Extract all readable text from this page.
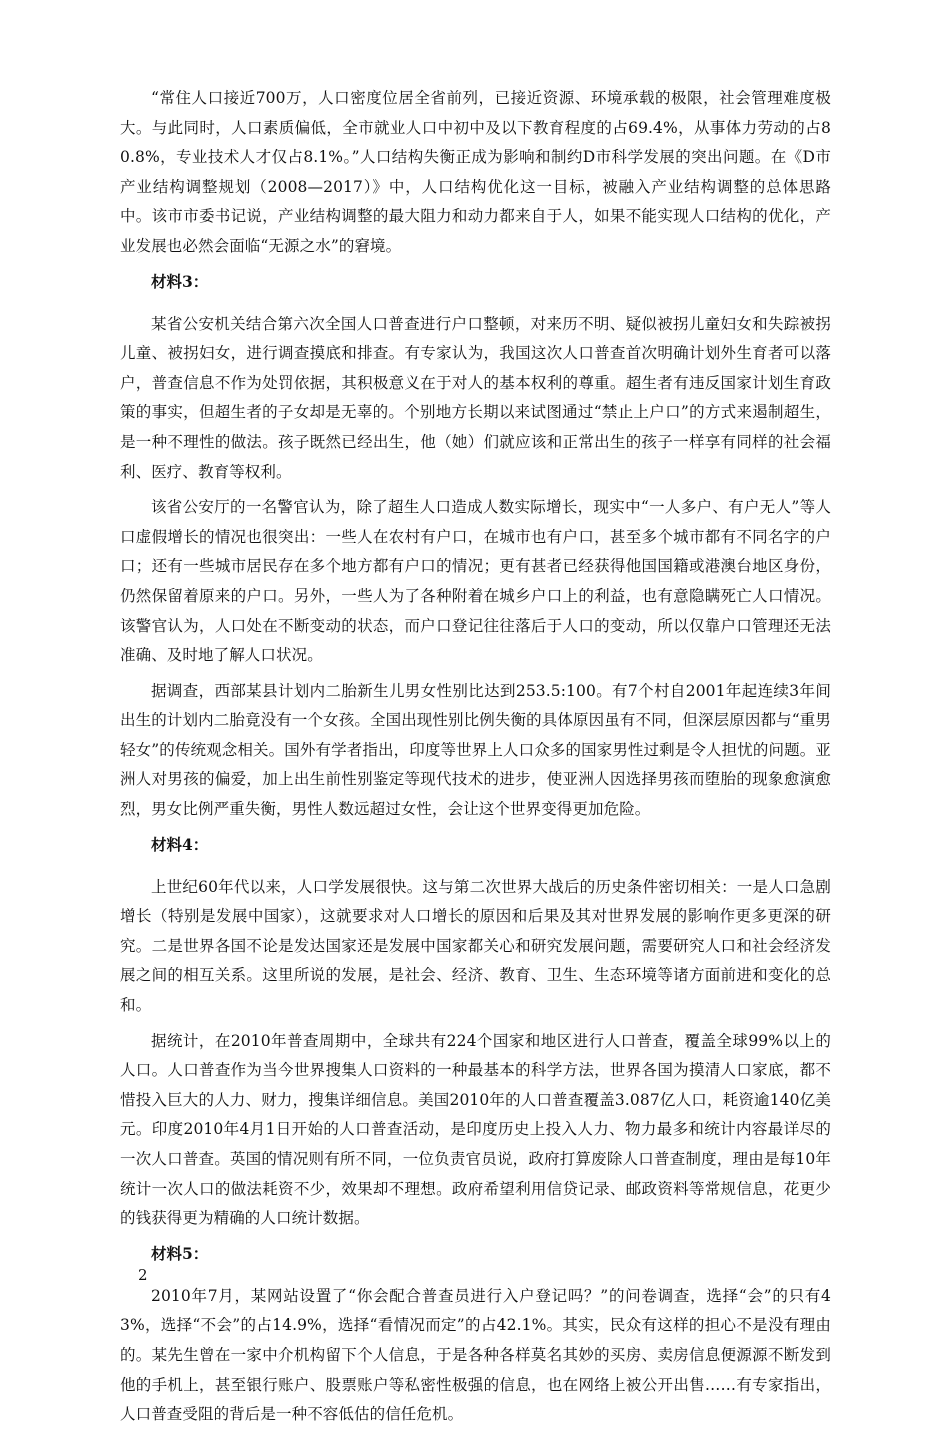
“常住人口接近700万，人口密度位居全省前列，已接近资源、环境承载的极限，社会管理难度极大。与此同时，人口素质偏低，全市就业人口中初中及以下教育程度的占69.4%，从事体力劳动的占80.8%，专业技术人才仅占8.1%。”人口结构失衡正成为影响和制约D市科学发展的突出问题。在《D市产业结构调整规划（2008—2017）》中，人口结构优化这一目标，被融入产业结构调整的总体思路中。该市市委书记说，产业结构调整的最大阻力和动力都来自于人，如果不能实现人口结构的优化，产业发展也必然会面临“无源之水”的窘境。

材料3：

某省公安机关结合第六次全国人口普查进行户口整顿，对来历不明、疑似被拐儿童妇女和失踪被拐儿童、被拐妇女，进行调查摸底和排查。有专家认为，我国这次人口普查首次明确计划外生育者可以落户，普查信息不作为处罚依据，其积极意义在于对人的基本权利的尊重。超生者有违反国家计划生育政策的事实，但超生者的子女却是无辜的。个别地方长期以来试图通过“禁止上户口”的方式来遏制超生，是一种不理性的做法。孩子既然已经出生，他（她）们就应该和正常出生的孩子一样享有同样的社会福利、医疗、教育等权利。

该省公安厅的一名警官认为，除了超生人口造成人数实际增长，现实中“一人多户、有户无人”等人口虚假增长的情况也很突出：一些人在农村有户口，在城市也有户口，甚至多个城市都有不同名字的户口；还有一些城市居民存在多个地方都有户口的情况；更有甚者已经获得他国国籍或港澳台地区身份，仍然保留着原来的户口。另外，一些人为了各种附着在城乡户口上的利益，也有意隐瞒死亡人口情况。该警官认为，人口处在不断变动的状态，而户口登记往往落后于人口的变动，所以仅靠户口管理还无法准确、及时地了解人口状况。

据调查，西部某县计划内二胎新生儿男女性别比达到253.5:100。有7个村自2001年起连续3年间出生的计划内二胎竟没有一个女孩。全国出现性别比例失衡的具体原因虽有不同，但深层原因都与“重男轻女”的传统观念相关。国外有学者指出，印度等世界上人口众多的国家男性过剩是令人担忧的问题。亚洲人对男孩的偏爱，加上出生前性别鉴定等现代技术的进步，使亚洲人因选择男孩而堕胎的现象愈演愈烈，男女比例严重失衡，男性人数远超过女性，会让这个世界变得更加危险。

材料4：

上世纪60年代以来，人口学发展很快。这与第二次世界大战后的历史条件密切相关：一是人口急剧增长（特别是发展中国家），这就要求对人口增长的原因和后果及其对世界发展的影响作更多更深的研究。二是世界各国不论是发达国家还是发展中国家都关心和研究发展问题，需要研究人口和社会经济发展之间的相互关系。这里所说的发展，是社会、经济、教育、卫生、生态环境等诸方面前进和变化的总和。

据统计，在2010年普查周期中，全球共有224个国家和地区进行人口普查，覆盖全球99%以上的人口。人口普查作为当今世界搜集人口资料的一种最基本的科学方法，世界各国为摸清人口家底，都不惜投入巨大的人力、财力，搜集详细信息。美国2010年的人口普查覆盖3.087亿人口，耗资逾140亿美元。印度2010年4月1日开始的人口普查活动，是印度历史上投入人力、物力最多和统计内容最详尽的一次人口普查。英国的情况则有所不同，一位负责官员说，政府打算废除人口普查制度，理由是每10年统计一次人口的做法耗资不少，效果却不理想。政府希望利用信贷记录、邮政资料等常规信息，花更少的钱获得更为精确的人口统计数据。

材料5：

2010年7月，某网站设置了“你会配合普查员进行入户登记吗？”的问卷调查，选择“会”的只有43%，选择“不会”的占14.9%，选择“看情况而定”的占42.1%。其实，民众有这样的担心不是没有理由的。某先生曾在一家中介机构留下个人信息，于是各种各样莫名其妙的买房、卖房信息便源源不断发到他的手机上，甚至银行账户、股票账户等私密性极强的信息，也在网络上被公开出售……有专家指出，人口普查受阻的背后是一种不容低估的信任危机。

2
